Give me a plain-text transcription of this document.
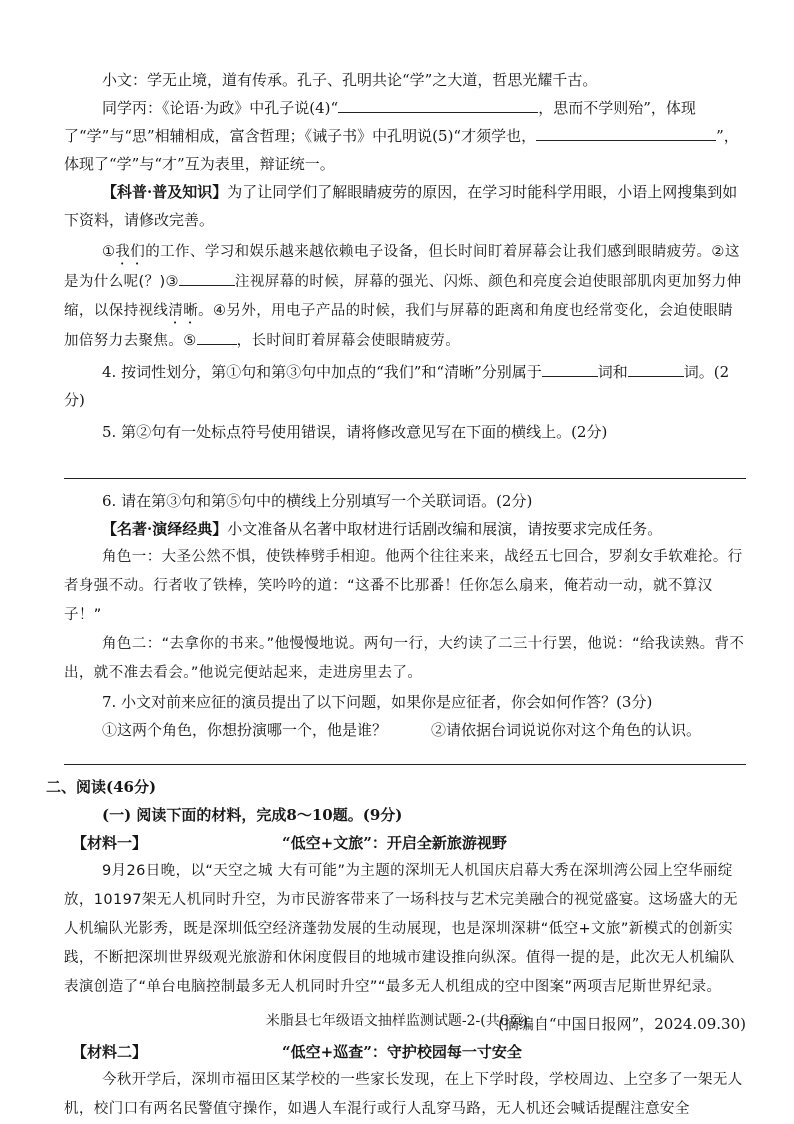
小文：学无止境，道有传承。孔子、孔明共论“学”之大道，哲思光耀千古。

同学丙：《论语·为政》中孔子说(4)“	，思而不学则殆”，体现了“学”与“思”相辅相成，富含哲理；《诫子书》中孔明说(5)“才须学也，	”，体现了“学”与“才”互为表里，辩证统一。

【科普·普及知识】为了让同学们了解眼睛疲劳的原因，在学习时能科学用眼，小语上网搜集到如下资料，请修改完善。

①我们的工作、学习和娱乐越来越依赖电子设备，但长时间盯着屏幕会让我们感到眼睛疲劳。②这是为什么呢(？)③	注视屏幕的时候，屏幕的强光、闪烁、颜色和亮度会迫使眼部肌肉更加努力伸缩，以保持视线清晰。④另外，用电子产品的时候，我们与屏幕的距离和角度也经常变化，会迫使眼睛加倍努力去聚焦。⑤	，长时间盯着屏幕会使眼睛疲劳。

4. 按词性划分，第①句和第③句中加点的“我们”和“清晰”分别属于	词和	词。(2分)

5. 第②句有一处标点符号使用错误，请将修改意见写在下面的横线上。(2分)

6. 请在第③句和第⑤句中的横线上分别填写一个关联词语。(2分)

【名著·演绎经典】小文准备从名著中取材进行话剧改编和展演，请按要求完成任务。

角色一：大圣公然不惧，使铁棒劈手相迎。他两个往往来来，战经五七回合，罗刹女手软难抡。行者身强不动。行者收了铁棒，笑吟吟的道：“这番不比那番！任你怎么扇来，俺若动一动，就不算汉子！”

角色二：“去拿你的书来。”他慢慢地说。两句一行，大约读了二三十行罢，他说：“给我读熟。背不出，就不准去看会。”他说完便站起来，走进房里去了。

7. 小文对前来应征的演员提出了以下问题，如果你是应征者，你会如何作答？(3分)

①这两个角色，你想扮演哪一个，他是谁？	②请依据台词说说你对这个角色的认识。

二、阅读(46分)

(一) 阅读下面的材料，完成8～10题。(9分)

【材料一】	“低空+文旅”：开启全新旅游视野

9月26日晚，以“天空之城 大有可能”为主题的深圳无人机国庆启幕大秀在深圳湾公园上空华丽绽放，10197架无人机同时升空，为市民游客带来了一场科技与艺术完美融合的视觉盛宴。这场盛大的无人机编队光影秀，既是深圳低空经济蓬勃发展的生动展现，也是深圳深耕“低空+文旅”新模式的创新实践，不断把深圳世界级观光旅游和休闲度假目的地城市建设推向纵深。值得一提的是，此次无人机编队表演创造了“单台电脑控制最多无人机同时升空”“最多无人机组成的空中图案”两项吉尼斯世界纪录。

(摘编自“中国日报网”，2024.09.30)

【材料二】	“低空+巡查”：守护校园每一寸安全

今秋开学后，深圳市福田区某学校的一些家长发现，在上下学时段，学校周边、上空多了一架无人机，校门口有两名民警值守操作，如遇人车混行或行人乱穿马路，无人机还会喊话提醒注意安全

米脂县七年级语文抽样监测试题-2-(共6页)
